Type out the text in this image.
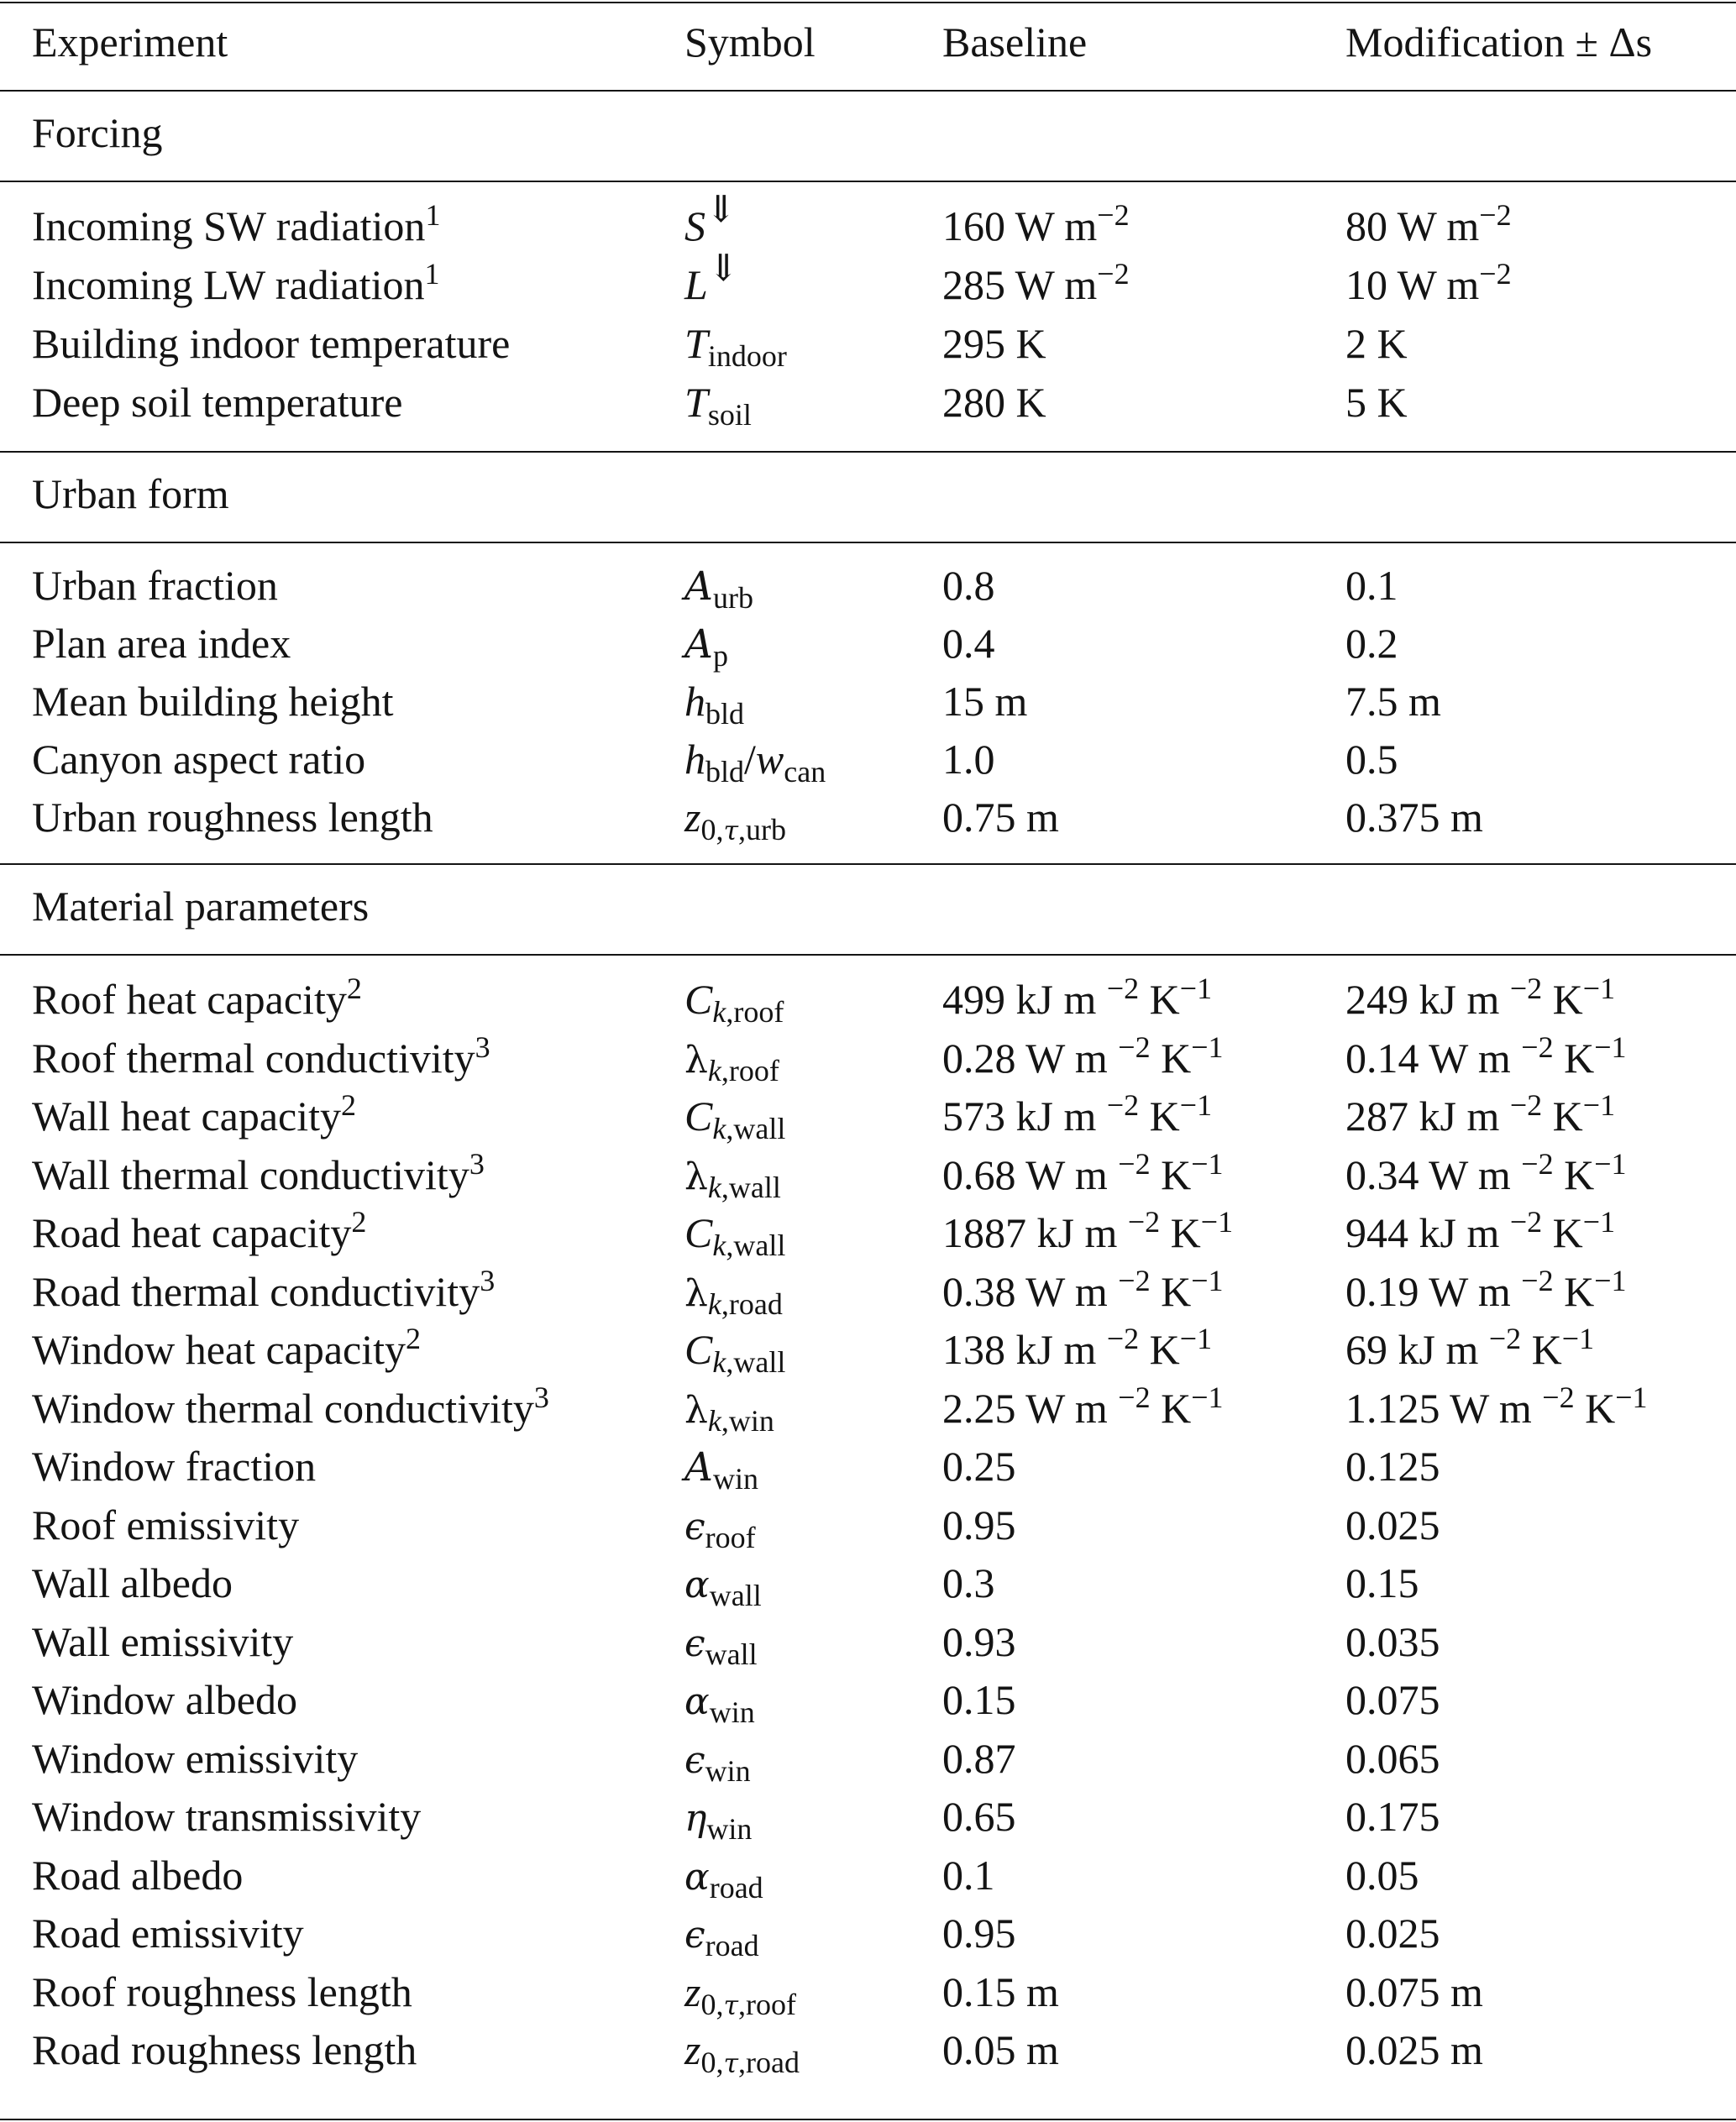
Experiment	Symbol	Baseline	Modification ± Δs
Forcing
Incoming SW radiation$^1$	S⇓	160 W $m^{-2}$	80 W $m^{-2}$
Incoming LW radiation$^1$	L⇓	285 W $m^{-2}$	10 W $m^{-2}$
Building indoor temperature	$T_{indoor}$	295 K	2 K
Deep soil temperature	$T_{soil}$	280 K	5 K
Urban form
Urban fraction	$A_{urb}$	0.8	0.1
Plan area index	$A_p$	0.4	0.2
Mean building height	$h_{bld}$	15 m	7.5 m
Canyon aspect ratio	$h_{bld}/w_{can}$	1.0	0.5
Urban roughness length	$z_{0,\tau,urb}$	0.75 m	0.375 m
Material parameters
Roof heat capacity$^2$	$C_{k,roof}$	499 kJ m $^{-2}$ $K^{-1}$	249 kJ m $^{-2}$ $K^{-1}$
Roof thermal conductivity$^3$	$\lambda_{k,roof}$	0.28 W m $^{-2}$ $K^{-1}$	0.14 W m $^{-2}$ $K^{-1}$
Wall heat capacity$^2$	$C_{k,wall}$	573 kJ m $^{-2}$ $K^{-1}$	287 kJ m $^{-2}$ $K^{-1}$
Wall thermal conductivity$^3$	$\lambda_{k,wall}$	0.68 W m $^{-2}$ $K^{-1}$	0.34 W m $^{-2}$ $K^{-1}$
Road heat capacity$^2$	$C_{k,wall}$	1887 kJ m $^{-2}$ $K^{-1}$	944 kJ m $^{-2}$ $K^{-1}$
Road thermal conductivity$^3$	$\lambda_{k,road}$	0.38 W m $^{-2}$ $K^{-1}$	0.19 W m $^{-2}$ $K^{-1}$
Window heat capacity$^2$	$C_{k,wall}$	138 kJ m $^{-2}$ $K^{-1}$	69 kJ m $^{-2}$ $K^{-1}$
Window thermal conductivity$^3$	$\lambda_{k,win}$	2.25 W m $^{-2}$ $K^{-1}$	1.125 W m $^{-2}$ $K^{-1}$
Window fraction	$A_{win}$	0.25	0.125
Roof emissivity	$\epsilon_{roof}$	0.95	0.025
Wall albedo	$\alpha_{wall}$	0.3	0.15
Wall emissivity	$\epsilon_{wall}$	0.93	0.035
Window albedo	$\alpha_{win}$	0.15	0.075
Window emissivity	$\epsilon_{win}$	0.87	0.065
Window transmissivity	$\eta_{win}$	0.65	0.175
Road albedo	$\alpha_{road}$	0.1	0.05
Road emissivity	$\epsilon_{road}$	0.95	0.025
Roof roughness length	$z_{0,\tau,roof}$	0.15 m	0.075 m
Road roughness length	$z_{0,\tau,road}$	0.05 m	0.025 m
